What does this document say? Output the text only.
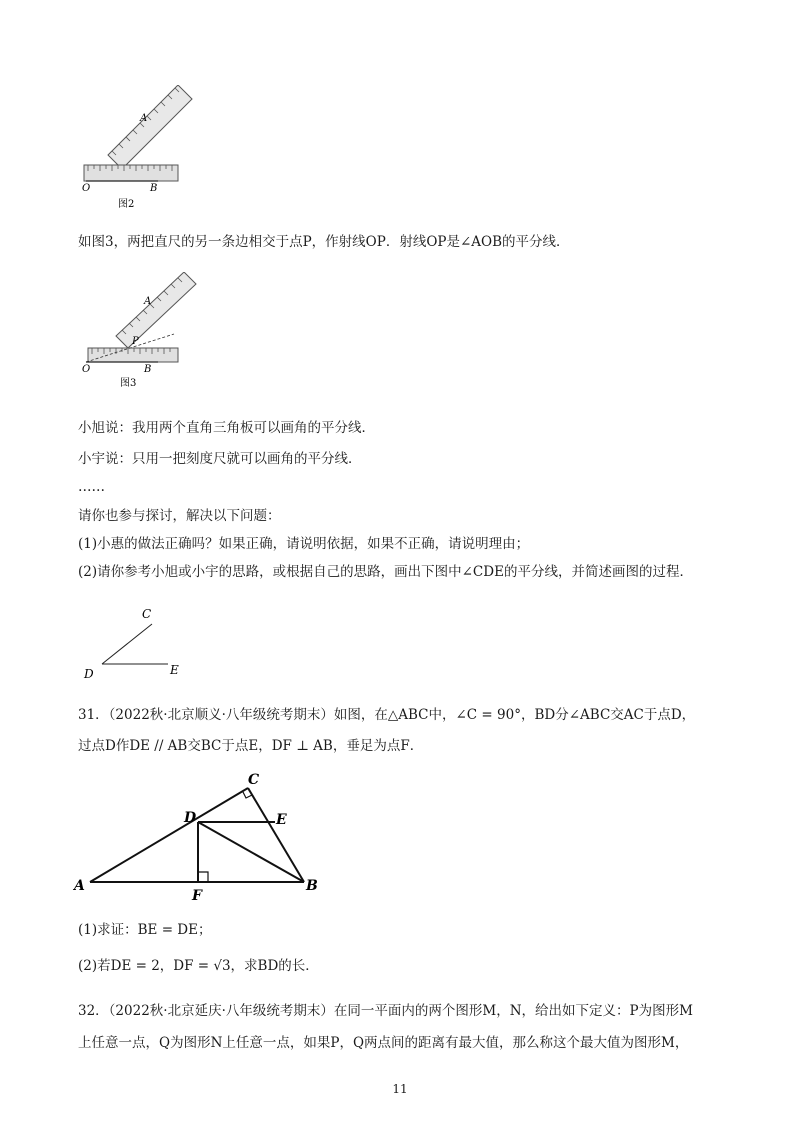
A
O	B
图2
如图3，两把直尺的另一条边相交于点P，作射线OP．射线OP是∠AOB的平分线．
A
P
O	B
图3
小旭说：我用两个直角三角板可以画角的平分线．
小宇说：只用一把刻度尺就可以画角的平分线．
……
请你也参与探讨，解决以下问题：
(1)小惠的做法正确吗？如果正确，请说明依据，如果不正确，请说明理由；
(2)请你参考小旭或小宇的思路，或根据自己的思路，画出下图中∠CDE的平分线，并简述画图的过程．
C
D	E
31．（2022秋·北京顺义·八年级统考期末）如图，在△ABC中，∠C = 90°，BD分∠ABC交AC于点D，
过点D作DE // AB交BC于点E，DF ⊥ AB，垂足为点F．
C
D	E
A
F
B
(1)求证：BE = DE；
(2)若DE = 2，DF = √3，求BD的长．
32．（2022秋·北京延庆·八年级统考期末）在同一平面内的两个图形M，N，给出如下定义：P为图形M
上任意一点，Q为图形N上任意一点，如果P，Q两点间的距离有最大值，那么称这个最大值为图形M，
11
